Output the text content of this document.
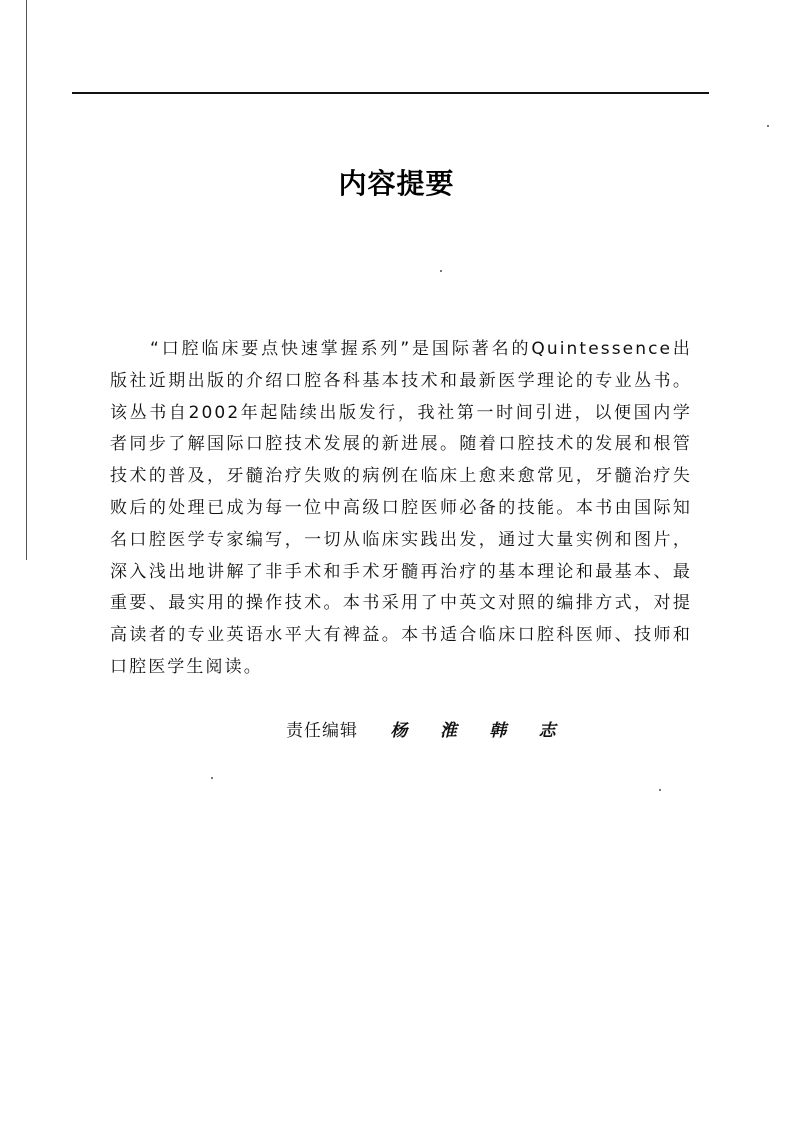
内容提要

“口腔临床要点快速掌握系列”是国际著名的Quintessence出版社近期出版的介绍口腔各科基本技术和最新医学理论的专业丛书。该丛书自2002年起陆续出版发行，我社第一时间引进，以便国内学者同步了解国际口腔技术发展的新进展。随着口腔技术的发展和根管技术的普及，牙髓治疗失败的病例在临床上愈来愈常见，牙髓治疗失败后的处理已成为每一位中高级口腔医师必备的技能。本书由国际知名口腔医学专家编写，一切从临床实践出发，通过大量实例和图片，深入浅出地讲解了非手术和手术牙髓再治疗的基本理论和最基本、最重要、最实用的操作技术。本书采用了中英文对照的编排方式，对提高读者的专业英语水平大有裨益。本书适合临床口腔科医师、技师和口腔医学生阅读。

责任编辑 杨 淮 韩 志
